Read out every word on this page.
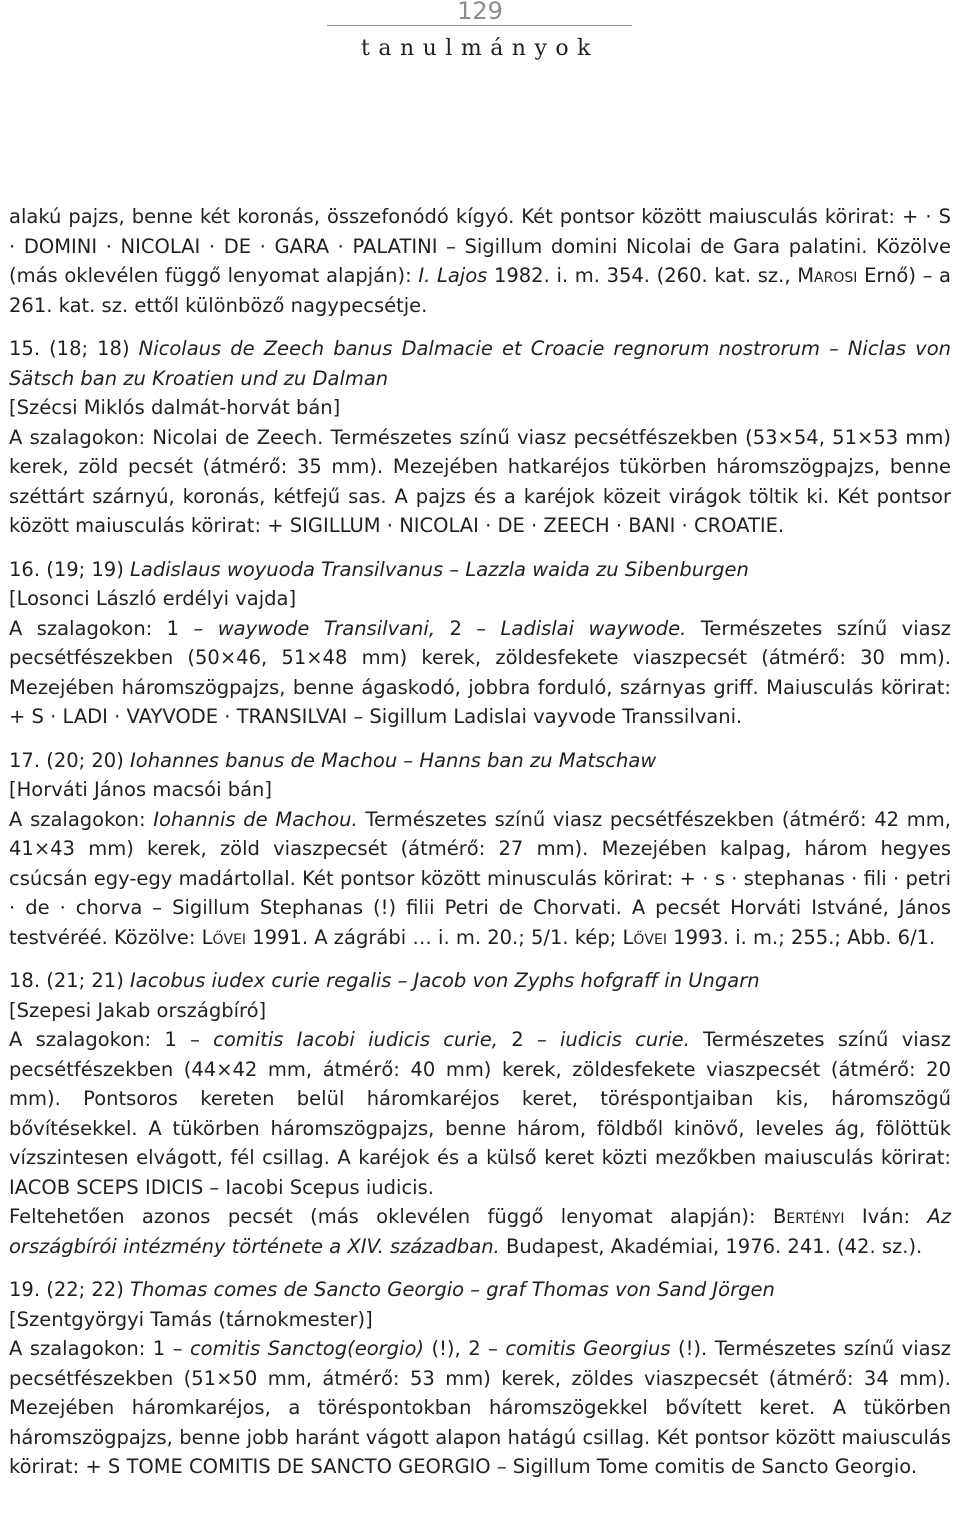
129
tanulmányok

alakú pajzs, benne két koronás, összefonódó kígyó. Két pontsor között maiusculás körirat: + · S · DOMINI · NICOLAI · DE · GARA · PALATINI – Sigillum domini Nicolai de Gara palatini. Közölve (más oklevélen függő lenyomat alapján): I. Lajos 1982. i. m. 354. (260. kat. sz., Marosi Ernő) – a 261. kat. sz. ettől különböző nagypecsétje.

15. (18; 18) Nicolaus de Zeech banus Dalmacie et Croacie regnorum nostrorum – Niclas von Sätsch ban zu Kroatien und zu Dalman
[Szécsi Miklós dalmát-horvát bán]
A szalagokon: Nicolai de Zeech. Természetes színű viasz pecsétfészekben (53×54, 51×53 mm) kerek, zöld pecsét (átmérő: 35 mm). Mezejében hatkaréjos tükörben háromszögpajzs, benne széttárt szárnyú, koronás, kétfejű sas. A pajzs és a karéjok közeit virágok töltik ki. Két pontsor között maiusculás körirat: + SIGILLUM · NICOLAI · DE · ZEECH · BANI · CROATIE.
16. (19; 19) Ladislaus woyuoda Transilvanus – Lazzla waida zu Sibenburgen
[Losonci László erdélyi vajda]
A szalagokon: 1 – waywode Transilvani, 2 – Ladislai waywode. Természetes színű viasz pecsétfészekben (50×46, 51×48 mm) kerek, zöldesfekete viaszpecsét (átmérő: 30 mm). Mezejében háromszögpajzs, benne ágaskodó, jobbra forduló, szárnyas griff. Maiusculás körirat: + S · LADI · VAYVODE · TRANSILVAI – Sigillum Ladislai vayvode Transsilvani.
17. (20; 20) Iohannes banus de Machou – Hanns ban zu Matschaw
[Horváti János macsói bán]
A szalagokon: Iohannis de Machou. Természetes színű viasz pecsétfészekben (átmérő: 42 mm, 41×43 mm) kerek, zöld viaszpecsét (átmérő: 27 mm). Mezejében kalpag, három hegyes csúcsán egy-egy madártollal. Két pontsor között minusculás körirat: + · s · stephanas · fili · petri · de · chorva – Sigillum Stephanas (!) filii Petri de Chorvati. A pecsét Horváti Istváné, János testvéréé. Közölve: Lővei 1991. A zágrábi … i. m. 20.; 5/1. kép; Lővei 1993. i. m.; 255.; Abb. 6/1.
18. (21; 21) Iacobus iudex curie regalis – Jacob von Zyphs hofgraff in Ungarn
[Szepesi Jakab országbíró]
A szalagokon: 1 – comitis Iacobi iudicis curie, 2 – iudicis curie. Természetes színű viasz pecsétfészekben (44×42 mm, átmérő: 40 mm) kerek, zöldesfekete viaszpecsét (átmérő: 20 mm). Pontsoros kereten belül háromkaréjos keret, töréspontjaiban kis, háromszögű bővítésekkel. A tükörben háromszögpajzs, benne három, földből kinövő, leveles ág, fölöttük vízszintesen elvágott, fél csillag. A karéjok és a külső keret közti mezőkben maiusculás körirat: IACOB SCEPS IDICIS – Iacobi Scepus iudicis.
Feltehetően azonos pecsét (más oklevélen függő lenyomat alapján): Bertényi Iván: Az országbírói intézmény története a XIV. században. Budapest, Akadémiai, 1976. 241. (42. sz.).
19. (22; 22) Thomas comes de Sancto Georgio – graf Thomas von Sand Jörgen
[Szentgyörgyi Tamás (tárnokmester)]
A szalagokon: 1 – comitis Sanctog(eorgio) (!), 2 – comitis Georgius (!). Természetes színű viasz pecsétfészekben (51×50 mm, átmérő: 53 mm) kerek, zöldes viaszpecsét (átmérő: 34 mm). Mezejében háromkaréjos, a töréspontokban háromszögekkel bővített keret. A tükörben háromszögpajzs, benne jobb haránt vágott alapon hatágú csillag. Két pontsor között maiusculás körirat: + S TOME COMITIS DE SANCTO GEORGIO – Sigillum Tome comitis de Sancto Georgio.
